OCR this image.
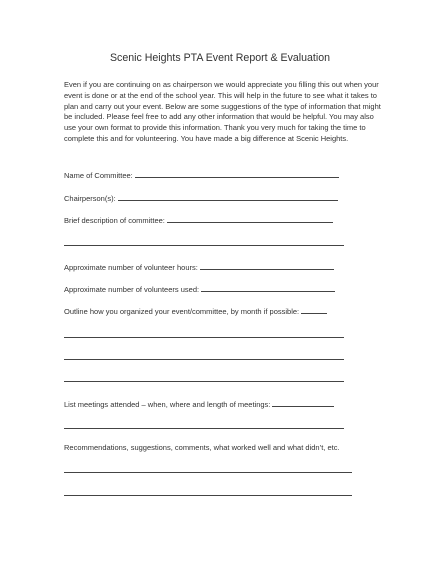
Scenic Heights PTA Event Report & Evaluation
Even if you are continuing on as chairperson we would appreciate you filling this out when your event is done or at the end of the school year. This will help in the future to see what it takes to plan and carry out your event. Below are some suggestions of the type of information that might be included. Please feel free to add any other information that would be helpful. You may also use your own format to provide this information. Thank you very much for taking the time to complete this and for volunteering. You have made a big difference at Scenic Heights.
Name of Committee:
Chairperson(s):
Brief description of committee:
Approximate number of volunteer hours:
Approximate number of volunteers used:
Outline how you organized your event/committee, by month if possible:
List meetings attended – when, where and length of meetings:
Recommendations, suggestions, comments, what worked well and what didn’t, etc.
